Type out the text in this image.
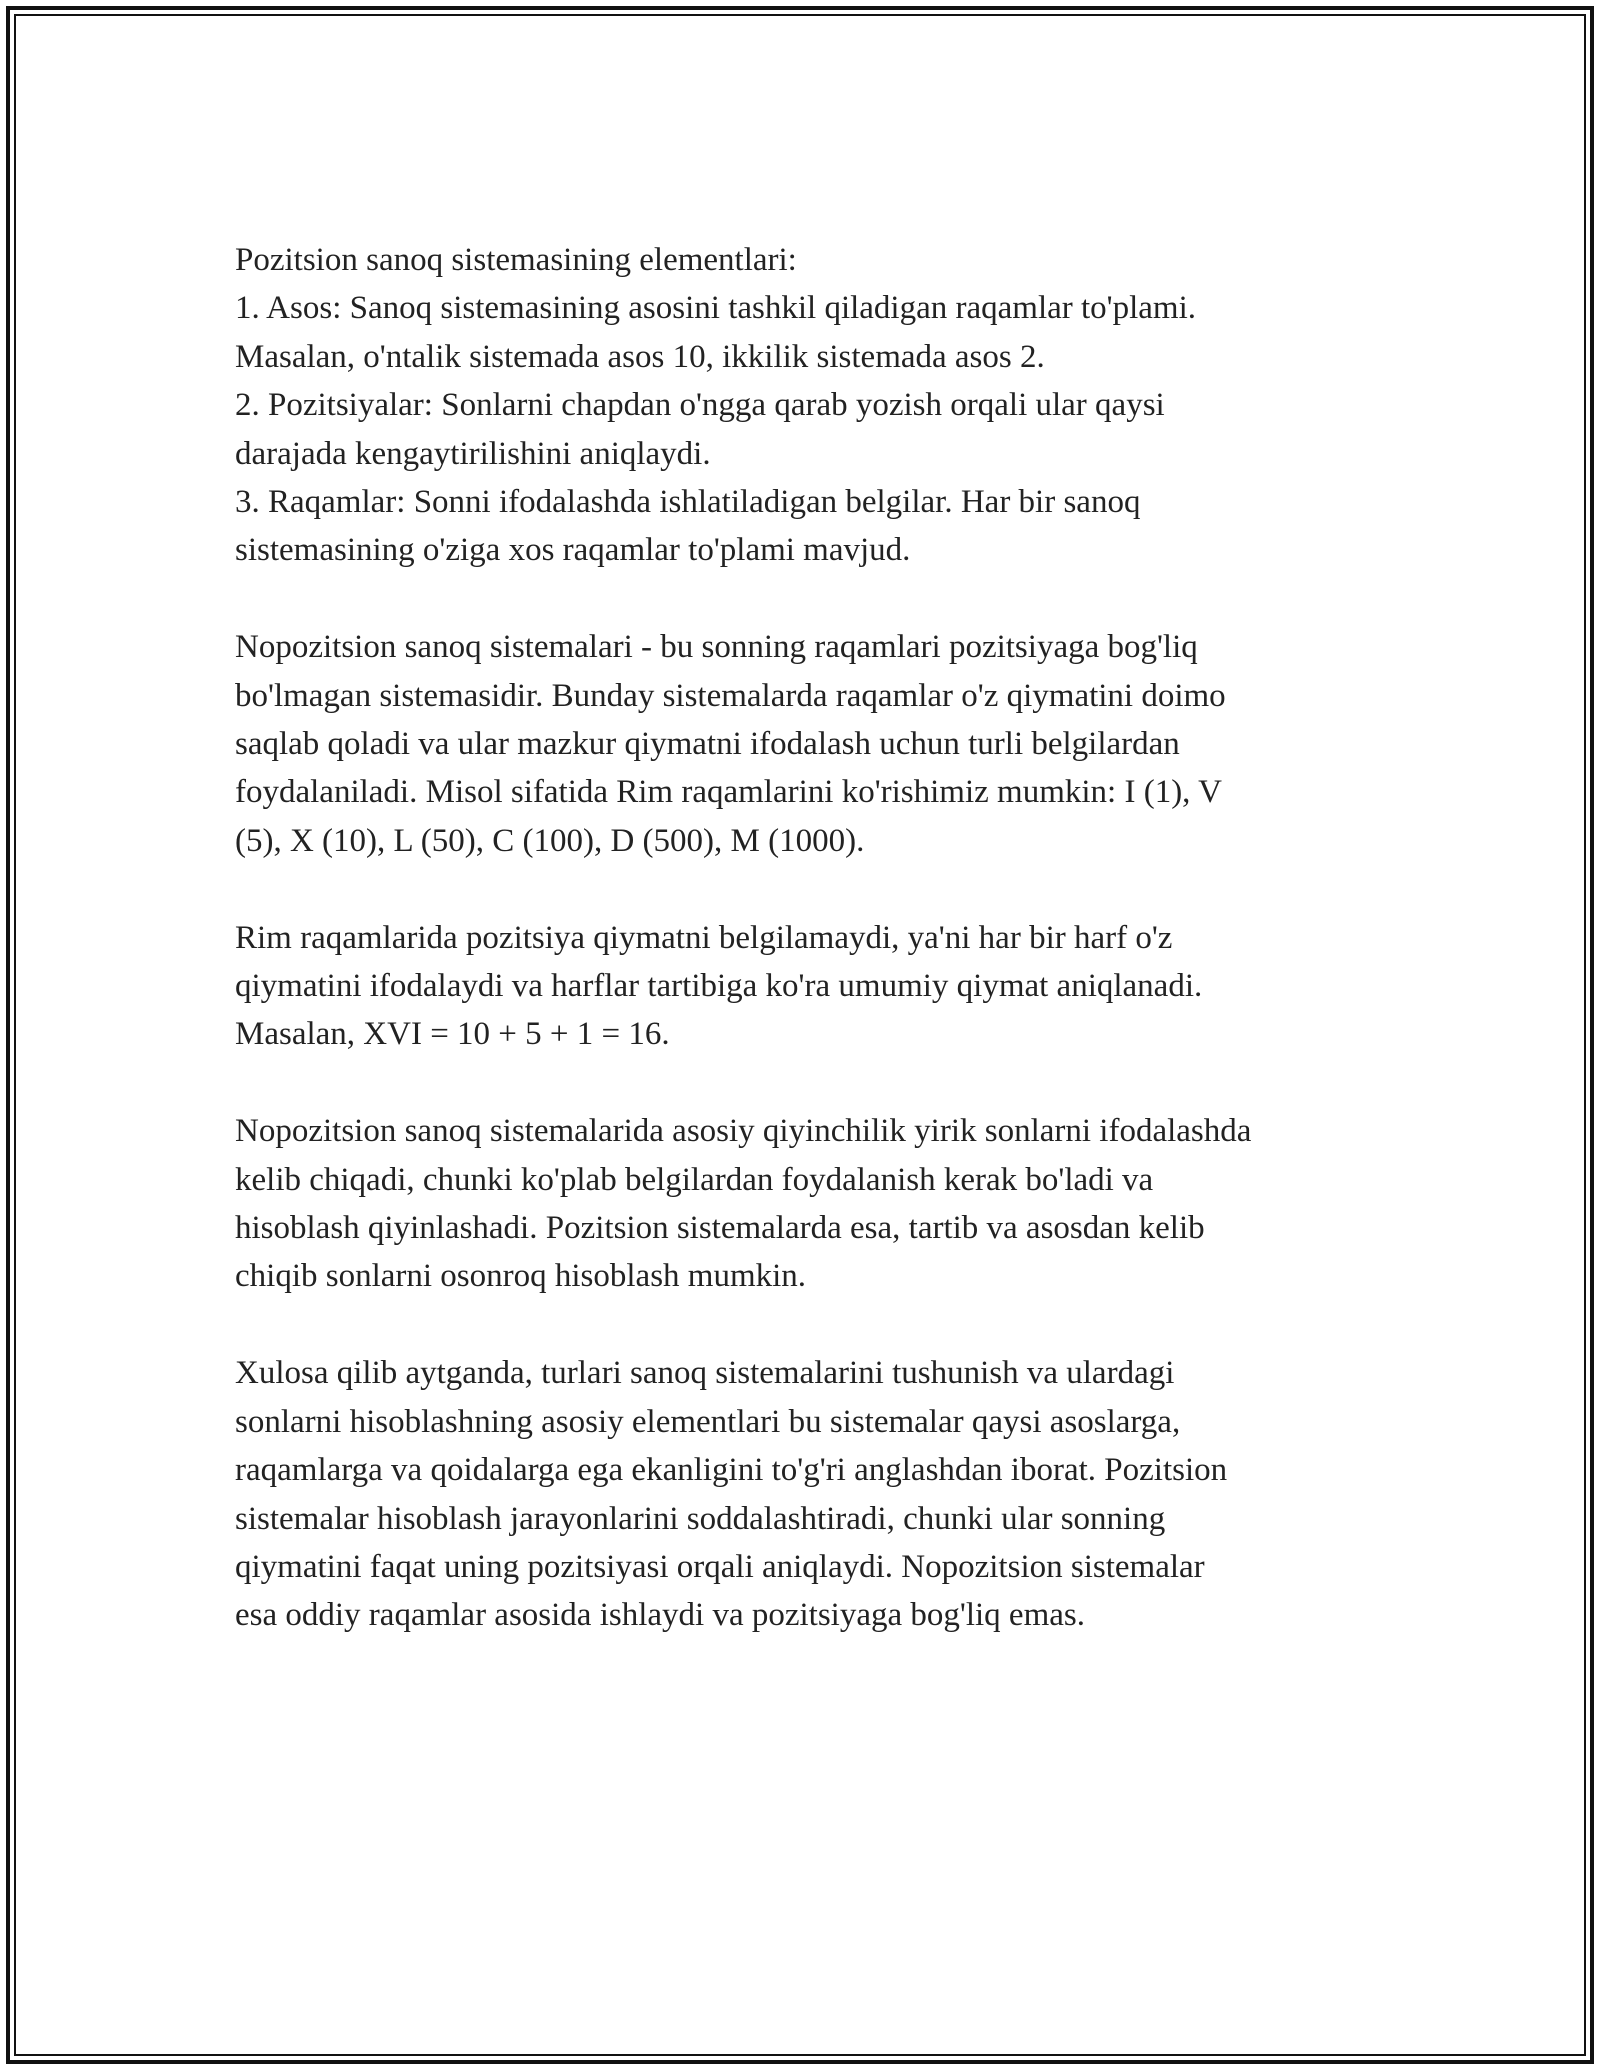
Pozitsion sanoq sistemasining elementlari:

1. Asos: Sanoq sistemasining asosini tashkil qiladigan raqamlar to'plami.

Masalan, o'ntalik sistemada asos 10, ikkilik sistemada asos 2.

2. Pozitsiyalar: Sonlarni chapdan o'ngga qarab yozish orqali ular qaysi

darajada kengaytirilishini aniqlaydi.

3. Raqamlar: Sonni ifodalashda ishlatiladigan belgilar. Har bir sanoq

sistemasining o'ziga xos raqamlar to'plami mavjud.

Nopozitsion sanoq sistemalari - bu sonning raqamlari pozitsiyaga bog'liq

bo'lmagan sistemasidir. Bunday sistemalarda raqamlar o'z qiymatini doimo

saqlab qoladi va ular mazkur qiymatni ifodalash uchun turli belgilardan

foydalaniladi. Misol sifatida Rim raqamlarini ko'rishimiz mumkin: I (1), V

(5), X (10), L (50), C (100), D (500), M (1000).

Rim raqamlarida pozitsiya qiymatni belgilamaydi, ya'ni har bir harf o'z

qiymatini ifodalaydi va harflar tartibiga ko'ra umumiy qiymat aniqlanadi.

Masalan, XVI = 10 + 5 + 1 = 16.

Nopozitsion sanoq sistemalarida asosiy qiyinchilik yirik sonlarni ifodalashda

kelib chiqadi, chunki ko'plab belgilardan foydalanish kerak bo'ladi va

hisoblash qiyinlashadi. Pozitsion sistemalarda esa, tartib va asosdan kelib

chiqib sonlarni osonroq hisoblash mumkin.

Xulosa qilib aytganda, turlari sanoq sistemalarini tushunish va ulardagi

sonlarni hisoblashning asosiy elementlari bu sistemalar qaysi asoslarga,

raqamlarga va qoidalarga ega ekanligini to'g'ri anglashdan iborat. Pozitsion

sistemalar hisoblash jarayonlarini soddalashtiradi, chunki ular sonning

qiymatini faqat uning pozitsiyasi orqali aniqlaydi. Nopozitsion sistemalar

esa oddiy raqamlar asosida ishlaydi va pozitsiyaga bog'liq emas.
